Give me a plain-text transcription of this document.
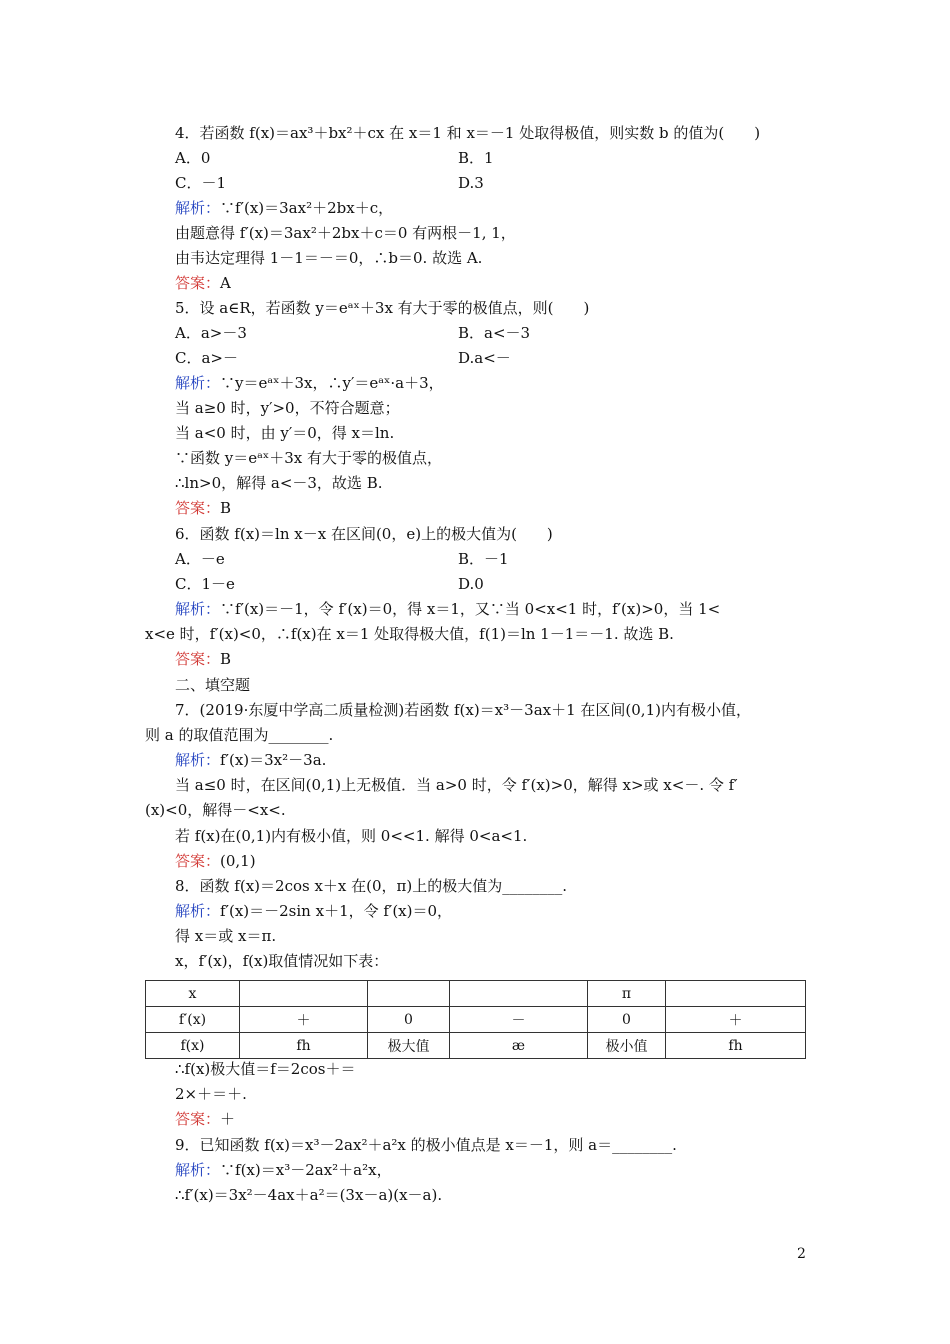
4．若函数 f(x)＝ax³＋bx²＋cx 在 x＝1 和 x＝－1 处取得极值，则实数 b 的值为(　　)
A．0	B．1
C．－1	D.3
解析：∵f′(x)＝3ax²＋2bx＋c，
由题意得 f′(x)＝3ax²＋2bx＋c＝0 有两根－1, 1，
由韦达定理得 1－1＝－＝0，∴b＝0. 故选 A.
答案：A
5．设 a∈R，若函数 y＝eᵃˣ＋3x 有大于零的极值点，则(　　)
A．a>－3	B．a<－3
C．a>－	D.a<－
解析：∵y＝eᵃˣ＋3x，∴y′＝eᵃˣ·a＋3，
当 a≥0 时，y′>0，不符合题意；
当 a<0 时，由 y′＝0，得 x＝ln.
∵函数 y＝eᵃˣ＋3x 有大于零的极值点，
∴ln>0，解得 a<－3，故选 B.
答案：B
6．函数 f(x)＝ln x－x 在区间(0，e)上的极大值为(　　)
A．－e	B．－1
C．1－e	D.0
解析：∵f′(x)＝－1，令 f′(x)＝0，得 x＝1，又∵当 0<x<1 时，f′(x)>0，当 1<
x<e 时，f′(x)<0，∴f(x)在 x＝1 处取得极大值，f(1)＝ln 1－1＝－1. 故选 B.
答案：B
二、填空题
7．(2019·东厦中学高二质量检测)若函数 f(x)＝x³－3ax＋1 在区间(0,1)内有极小值，
则 a 的取值范围为________.
解析：f′(x)＝3x²－3a.
当 a≤0 时，在区间(0,1)上无极值．当 a>0 时，令 f′(x)>0，解得 x>或 x<－. 令 f′
(x)<0，解得－<x<.
若 f(x)在(0,1)内有极小值，则 0<<1. 解得 0<a<1.
答案：(0,1)
8．函数 f(x)＝2cos x＋x 在(0，π)上的极大值为________.
解析：f′(x)＝－2sin x＋1，令 f′(x)＝0，
得 x＝或 x＝π.
x，f′(x)，f(x)取值情况如下表：
x				π	
f′(x)	＋	0	－	0	＋
f(x)	fh	极大值	æ	极小值	fh
∴f(x)极大值＝f＝2cos＋＝
2×＋＝＋.
答案：＋
9．已知函数 f(x)＝x³－2ax²＋a²x 的极小值点是 x＝－1，则 a＝________.
解析：∵f(x)＝x³－2ax²＋a²x，
∴f′(x)＝3x²－4ax＋a²＝(3x－a)(x－a).
2
